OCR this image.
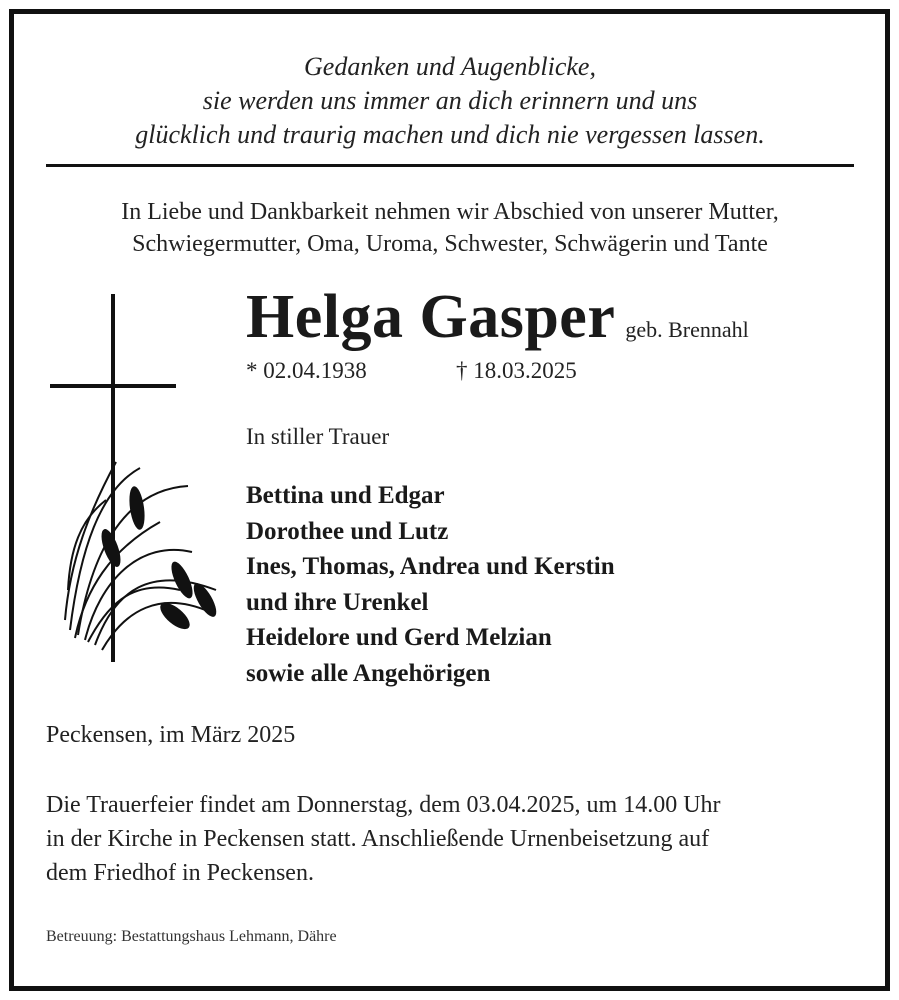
Gedanken und Augenblicke,
sie werden uns immer an dich erinnern und uns
glücklich und traurig machen und dich nie vergessen lassen.
In Liebe und Dankbarkeit nehmen wir Abschied von unserer Mutter,
Schwiegermutter, Oma, Uroma, Schwester, Schwägerin und Tante
Helga Gasper geb. Brennahl
* 02.04.1938	† 18.03.2025
In stiller Trauer
Bettina und Edgar
Dorothee und Lutz
Ines, Thomas, Andrea und Kerstin
und ihre Urenkel
Heidelore und Gerd Melzian
sowie alle Angehörigen
Peckensen, im März 2025
Die Trauerfeier findet am Donnerstag, dem 03.04.2025, um 14.00 Uhr
in der Kirche in Peckensen statt. Anschließende Urnenbeisetzung auf
dem Friedhof in Peckensen.
Betreuung: Bestattungshaus Lehmann, Dähre
